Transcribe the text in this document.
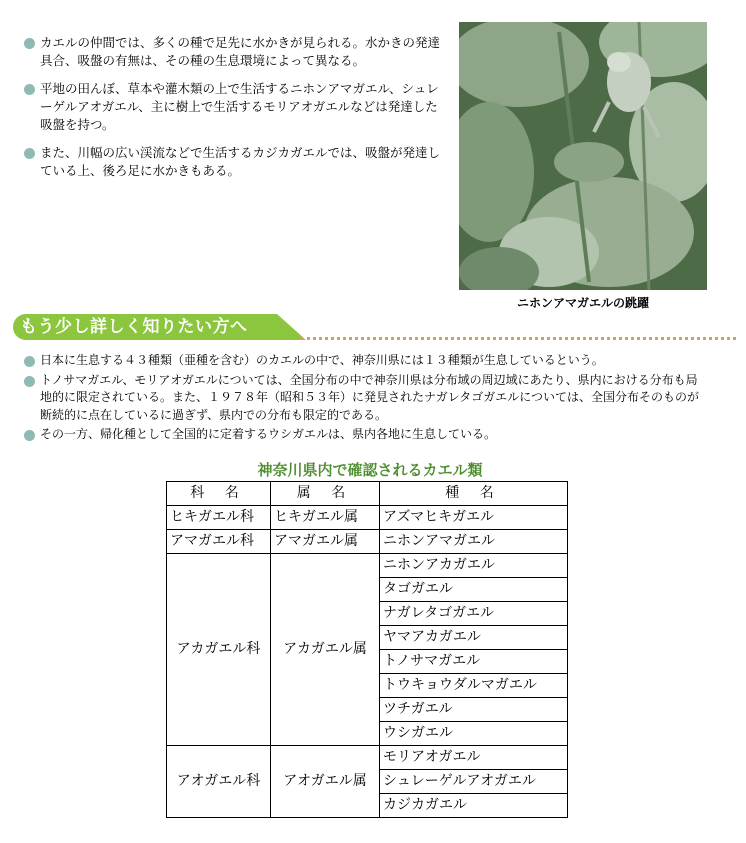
カエルの仲間では、多くの種で足先に水かきが見られる。水かきの発達具合、吸盤の有無は、その種の生息環境によって異なる。
平地の田んぼ、草本や灌木類の上で生活するニホンアマガエル、シュレーゲルアオガエル、主に樹上で生活するモリアオガエルなどは発達した吸盤を持つ。
また、川幅の広い渓流などで生活するカジカガエルでは、吸盤が発達している上、後ろ足に水かきもある。
ニホンアマガエルの跳躍
もう少し詳しく知りたい方へ
日本に生息する４３種類（亜種を含む）のカエルの中で、神奈川県には１３種類が生息しているという。
トノサマガエル、モリアオガエルについては、全国分布の中で神奈川県は分布域の周辺域にあたり、県内における分布も局地的に限定されている。また、１９７８年（昭和５３年）に発見されたナガレタゴガエルについては、全国分布そのものが断続的に点在しているに過ぎず、県内での分布も限定的である。
その一方、帰化種として全国的に定着するウシガエルは、県内各地に生息している。
神奈川県内で確認されるカエル類
科 名	属 名	種 名
ヒキガエル科	ヒキガエル属	アズマヒキガエル
アマガエル科	アマガエル属	ニホンアマガエル
アカガエル科	アカガエル属	ニホンアカガエル
		タゴガエル
		ナガレタゴガエル
		ヤマアカガエル
		トノサマガエル
		トウキョウダルマガエル
		ツチガエル
		ウシガエル
アオガエル科	アオガエル属	モリアオガエル
		シュレーゲルアオガエル
		カジカガエル
